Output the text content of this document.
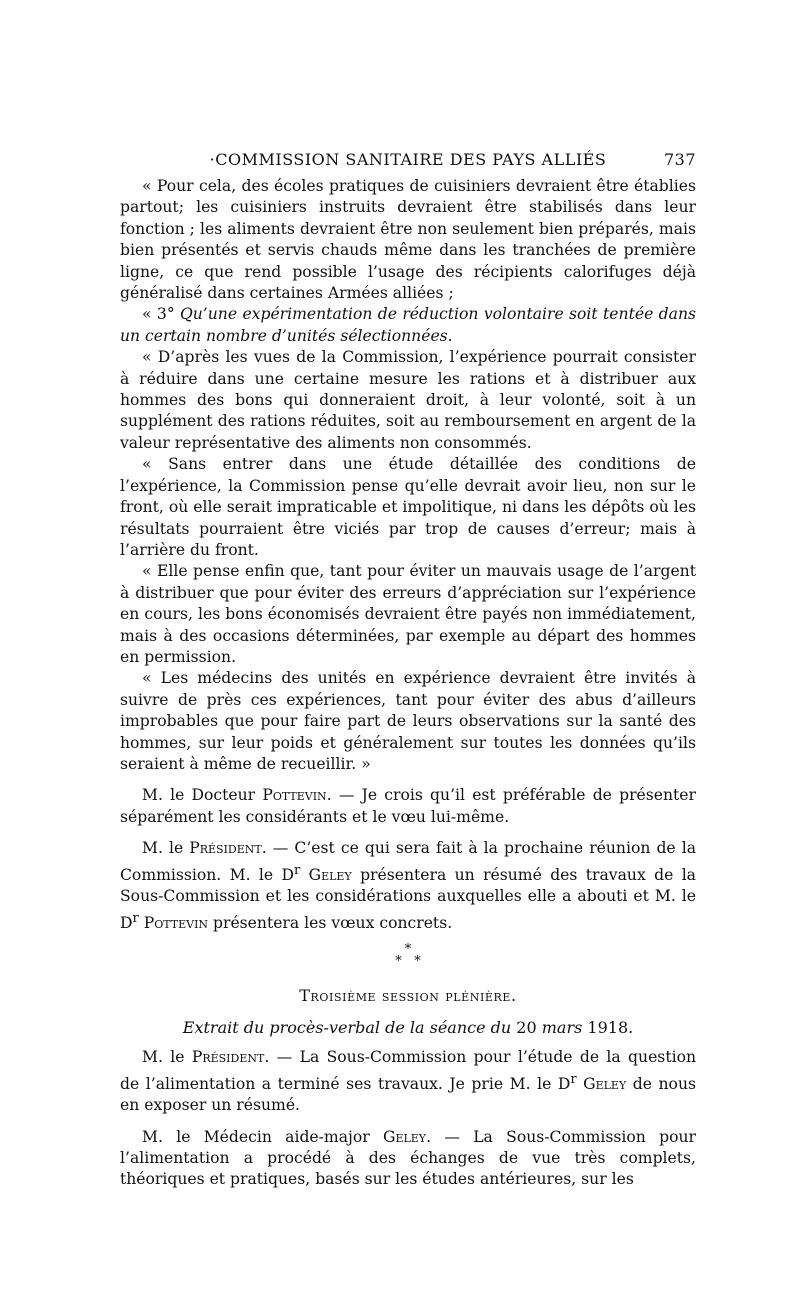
·COMMISSION SANITAIRE DES PAYS ALLIÉS	737

« Pour cela, des écoles pratiques de cuisiniers devraient être établies partout; les cuisiniers instruits devraient être stabilisés dans leur fonction ; les aliments devraient être non seulement bien préparés, mais bien présentés et servis chauds même dans les tranchées de première ligne, ce que rend possible l’usage des récipients calorifuges déjà généralisé dans certaines Armées alliées ;

« 3° Qu’une expérimentation de réduction volontaire soit tentée dans un certain nombre d’unités sélectionnées.

« D’après les vues de la Commission, l’expérience pourrait consister à réduire dans une certaine mesure les rations et à distribuer aux hommes des bons qui donneraient droit, à leur volonté, soit à un supplément des rations réduites, soit au remboursement en argent de la valeur représentative des aliments non consommés.

« Sans entrer dans une étude détaillée des conditions de l’expérience, la Commission pense qu’elle devrait avoir lieu, non sur le front, où elle serait impraticable et impolitique, ni dans les dépôts où les résultats pourraient être viciés par trop de causes d’erreur; mais à l’arrière du front.

« Elle pense enfin que, tant pour éviter un mauvais usage de l’argent à distribuer que pour éviter des erreurs d’appréciation sur l’expérience en cours, les bons économisés devraient être payés non immédiatement, mais à des occasions déterminées, par exemple au départ des hommes en permission.

« Les médecins des unités en expérience devraient être invités à suivre de près ces expériences, tant pour éviter des abus d’ailleurs improbables que pour faire part de leurs observations sur la santé des hommes, sur leur poids et généralement sur toutes les données qu’ils seraient à même de recueillir. »

M. le Docteur Pottevin. — Je crois qu’il est préférable de présenter séparément les considérants et le vœu lui-même.

M. le Président. — C’est ce qui sera fait à la prochaine réunion de la Commission. M. le $D^r$ Geley présentera un résumé des travaux de la Sous-Commission et les considérations auxquelles elle a abouti et M. le $D^r$ Pottevin présentera les vœux concrets.

*
* *
Troisième session plénière.
Extrait du procès-verbal de la séance du 20 mars 1918.

M. le Président. — La Sous-Commission pour l’étude de la question de l’alimentation a terminé ses travaux. Je prie M. le $D^r$ Geley de nous en exposer un résumé.

M. le Médecin aide-major Geley. — La Sous-Commission pour l’alimentation a procédé à des échanges de vue très complets, théoriques et pratiques, basés sur les études antérieures, sur les
